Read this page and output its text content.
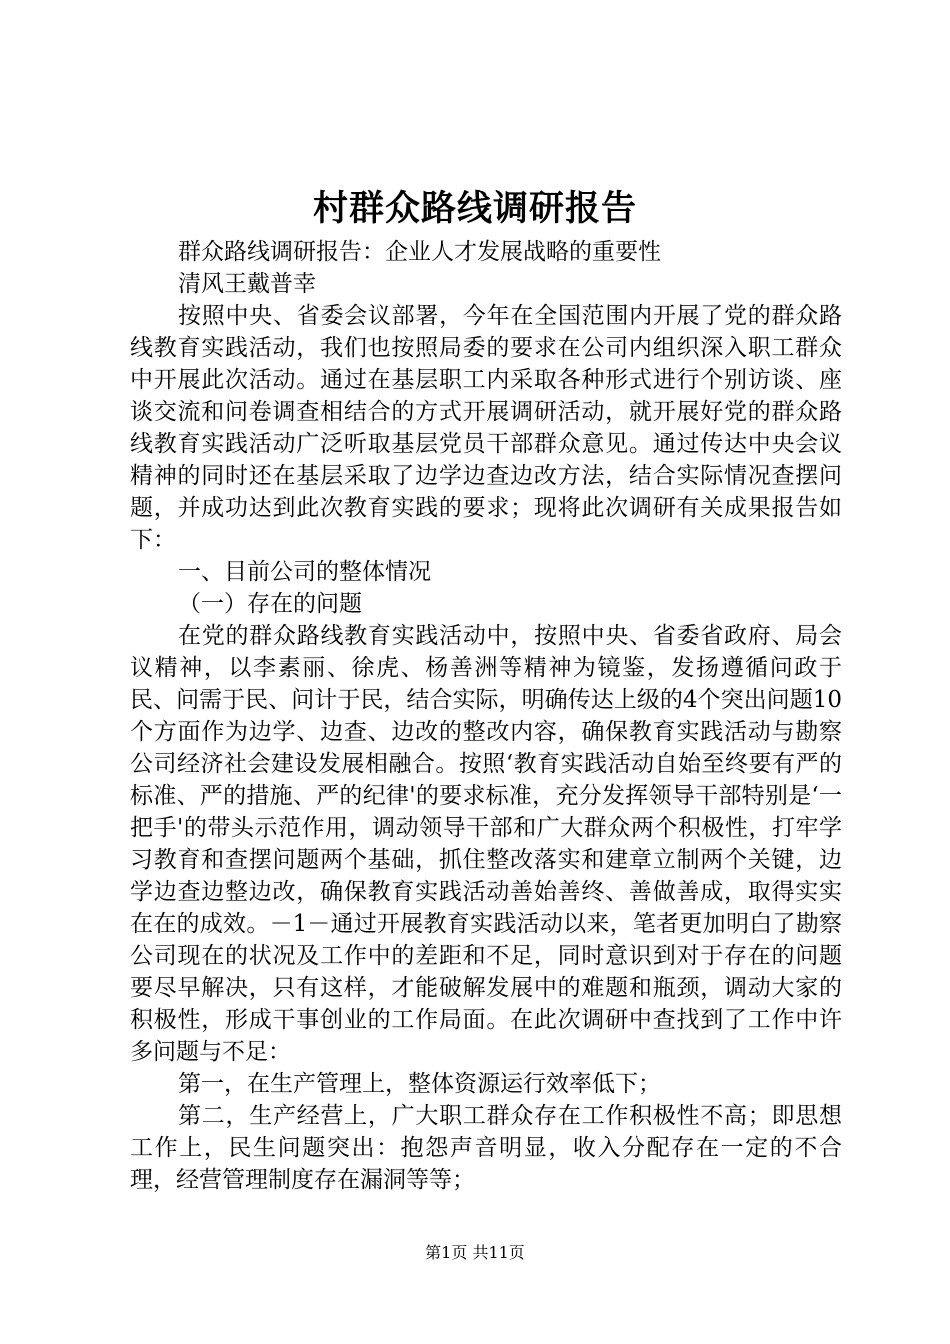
村群众路线调研报告

群众路线调研报告：企业人才发展战略的重要性

清风王戴普幸

按照中央、省委会议部署，今年在全国范围内开展了党的群众路线教育实践活动，我们也按照局委的要求在公司内组织深入职工群众中开展此次活动。通过在基层职工内采取各种形式进行个别访谈、座谈交流和问卷调查相结合的方式开展调研活动，就开展好党的群众路线教育实践活动广泛听取基层党员干部群众意见。通过传达中央会议精神的同时还在基层采取了边学边查边改方法，结合实际情况查摆问题，并成功达到此次教育实践的要求；现将此次调研有关成果报告如下：

一、目前公司的整体情况

（一）存在的问题

在党的群众路线教育实践活动中，按照中央、省委省政府、局会议精神，以李素丽、徐虎、杨善洲等精神为镜鉴，发扬遵循问政于民、问需于民、问计于民，结合实际，明确传达上级的4个突出问题10个方面作为边学、边查、边改的整改内容，确保教育实践活动与勘察公司经济社会建设发展相融合。按照‘教育实践活动自始至终要有严的标准、严的措施、严的纪律'的要求标准，充分发挥领导干部特别是‘一把手'的带头示范作用，调动领导干部和广大群众两个积极性，打牢学习教育和查摆问题两个基础，抓住整改落实和建章立制两个关键，边学边查边整边改，确保教育实践活动善始善终、善做善成，取得实实在在的成效。－1－通过开展教育实践活动以来，笔者更加明白了勘察公司现在的状况及工作中的差距和不足，同时意识到对于存在的问题要尽早解决，只有这样，才能破解发展中的难题和瓶颈，调动大家的积极性，形成干事创业的工作局面。在此次调研中查找到了工作中许多问题与不足：

第一，在生产管理上，整体资源运行效率低下；

第二，生产经营上，广大职工群众存在工作积极性不高；即思想工作上，民生问题突出：抱怨声音明显，收入分配存在一定的不合理，经营管理制度存在漏洞等等；

第1页 共11页
